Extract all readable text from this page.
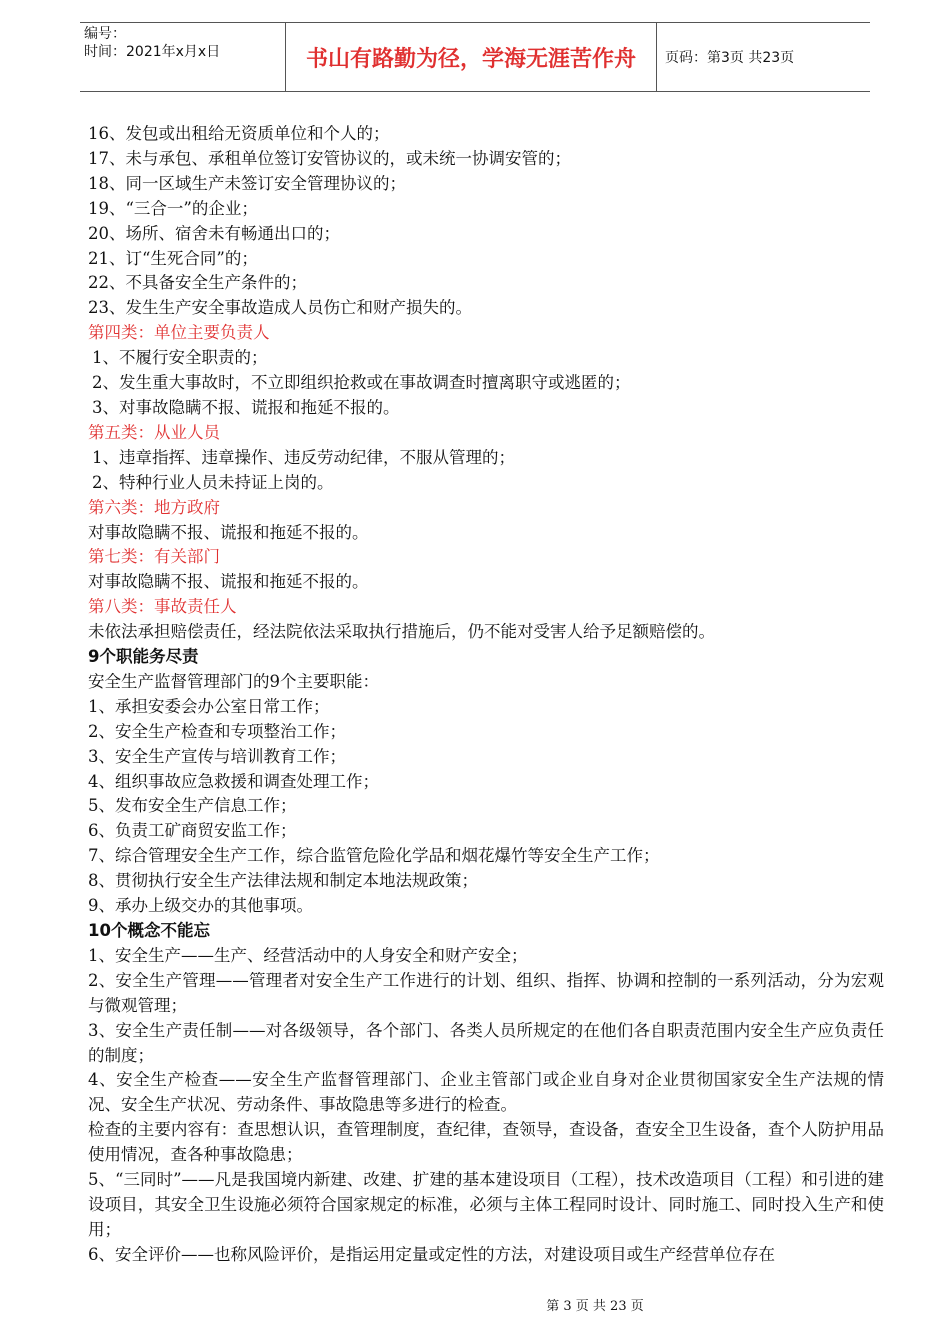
编号：
时间：2021年x月x日	书山有路勤为径，学海无涯苦作舟	页码：第3页 共23页

16、发包或出租给无资质单位和个人的；

17、未与承包、承租单位签订安管协议的，或未统一协调安管的；

18、同一区域生产未签订安全管理协议的；

19、“三合一”的企业；

20、场所、宿舍未有畅通出口的；

21、订“生死合同”的；

22、不具备安全生产条件的；

23、发生生产安全事故造成人员伤亡和财产损失的。

第四类：单位主要负责人

1、不履行安全职责的；

2、发生重大事故时，不立即组织抢救或在事故调查时擅离职守或逃匿的；

3、对事故隐瞒不报、谎报和拖延不报的。

第五类：从业人员

1、违章指挥、违章操作、违反劳动纪律，不服从管理的；

2、特种行业人员未持证上岗的。

第六类：地方政府

对事故隐瞒不报、谎报和拖延不报的。

第七类：有关部门

对事故隐瞒不报、谎报和拖延不报的。

第八类：事故责任人

未依法承担赔偿责任，经法院依法采取执行措施后，仍不能对受害人给予足额赔偿的。

9个职能务尽责

安全生产监督管理部门的9个主要职能：

1、承担安委会办公室日常工作；

2、安全生产检查和专项整治工作；

3、安全生产宣传与培训教育工作；

4、组织事故应急救援和调查处理工作；

5、发布安全生产信息工作；

6、负责工矿商贸安监工作；

7、综合管理安全生产工作，综合监管危险化学品和烟花爆竹等安全生产工作；

8、贯彻执行安全生产法律法规和制定本地法规政策；

9、承办上级交办的其他事项。

10个概念不能忘

1、安全生产——生产、经营活动中的人身安全和财产安全；

2、安全生产管理——管理者对安全生产工作进行的计划、组织、指挥、协调和控制的一系列活动，分为宏观与微观管理；

3、安全生产责任制——对各级领导，各个部门、各类人员所规定的在他们各自职责范围内安全生产应负责任的制度；

4、安全生产检查——安全生产监督管理部门、企业主管部门或企业自身对企业贯彻国家安全生产法规的情况、安全生产状况、劳动条件、事故隐患等多进行的检查。

检查的主要内容有：查思想认识，查管理制度，查纪律，查领导，查设备，查安全卫生设备，查个人防护用品使用情况，查各种事故隐患；

5、“三同时”——凡是我国境内新建、改建、扩建的基本建设项目（工程），技术改造项目（工程）和引进的建设项目，其安全卫生设施必须符合国家规定的标准，必须与主体工程同时设计、同时施工、同时投入生产和使用；

6、安全评价——也称风险评价，是指运用定量或定性的方法，对建设项目或生产经营单位存在

第 3 页 共 23 页
